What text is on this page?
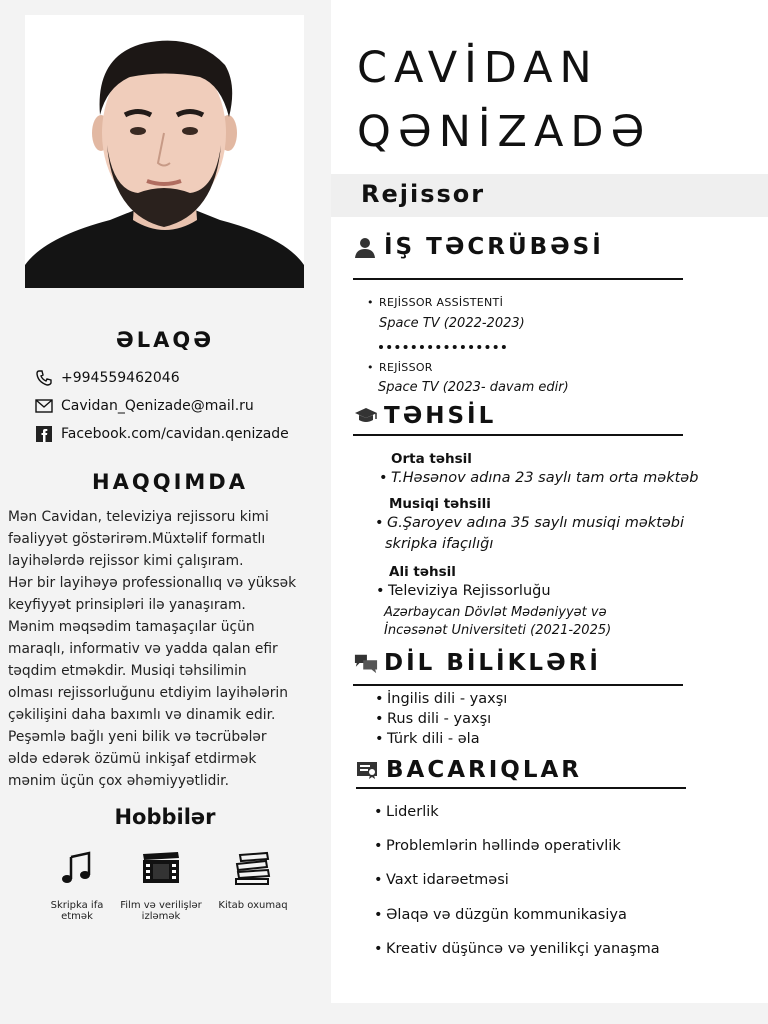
ƏLAQƏ
+994559462046
Cavidan_Qenizade@mail.ru
Facebook.com/cavidan.qenizade
HAQQIMDA

Mən Cavidan, televiziya rejissoru kimi

fəaliyyət göstərirəm.Müxtəlif formatlı

layihələrdə rejissor kimi çalışıram.

Hər bir layihəyə professionallıq və yüksək

keyfiyyət prinsipləri ilə yanaşıram.

Mənim məqsədim tamaşaçılar üçün

maraqlı, informativ və yadda qalan efir

təqdim etməkdir. Musiqi təhsilimin

olması rejissorluğunu etdiyim layihələrin

çəkilişini daha baxımlı və dinamik edir.

Peşəmlə bağlı yeni bilik və təcrübələr

əldə edərək özümü inkişaf etdirmək

mənim üçün çox əhəmiyyətlidir.

Hobbilər
Skripka ifa
etmək
Film və verilişlər
izləmək
Kitab oxumaq
CAVİDAN
QƏNİZADƏ
Rejissor
İŞ TƏCRÜBƏSİ
• REJİSSOR ASSİSTENTİ
Space TV (2022-2023)
• REJİSSOR
Space TV (2023- davam edir)
TƏHSİL
Orta təhsil
• T.Həsənov adına 23 saylı tam orta məktəb
Musiqi təhsili
• G.Şaroyev adına 35 saylı musiqi məktəbi
skripka ifaçılığı
Ali təhsil
• Televiziya Rejissorluğu
Azərbaycan Dövlət Mədəniyyət və
İncəsənət Universiteti (2021-2025)
DİL BİLİKLƏRİ
• İngilis dili - yaxşı
• Rus dili - yaxşı
• Türk dili - əla
BACARIQLAR
• Liderlik
• Problemlərin həllində operativlik
• Vaxt idarəetməsi
• Əlaqə və düzgün kommunikasiya
• Kreativ düşüncə və yenilikçi yanaşma
